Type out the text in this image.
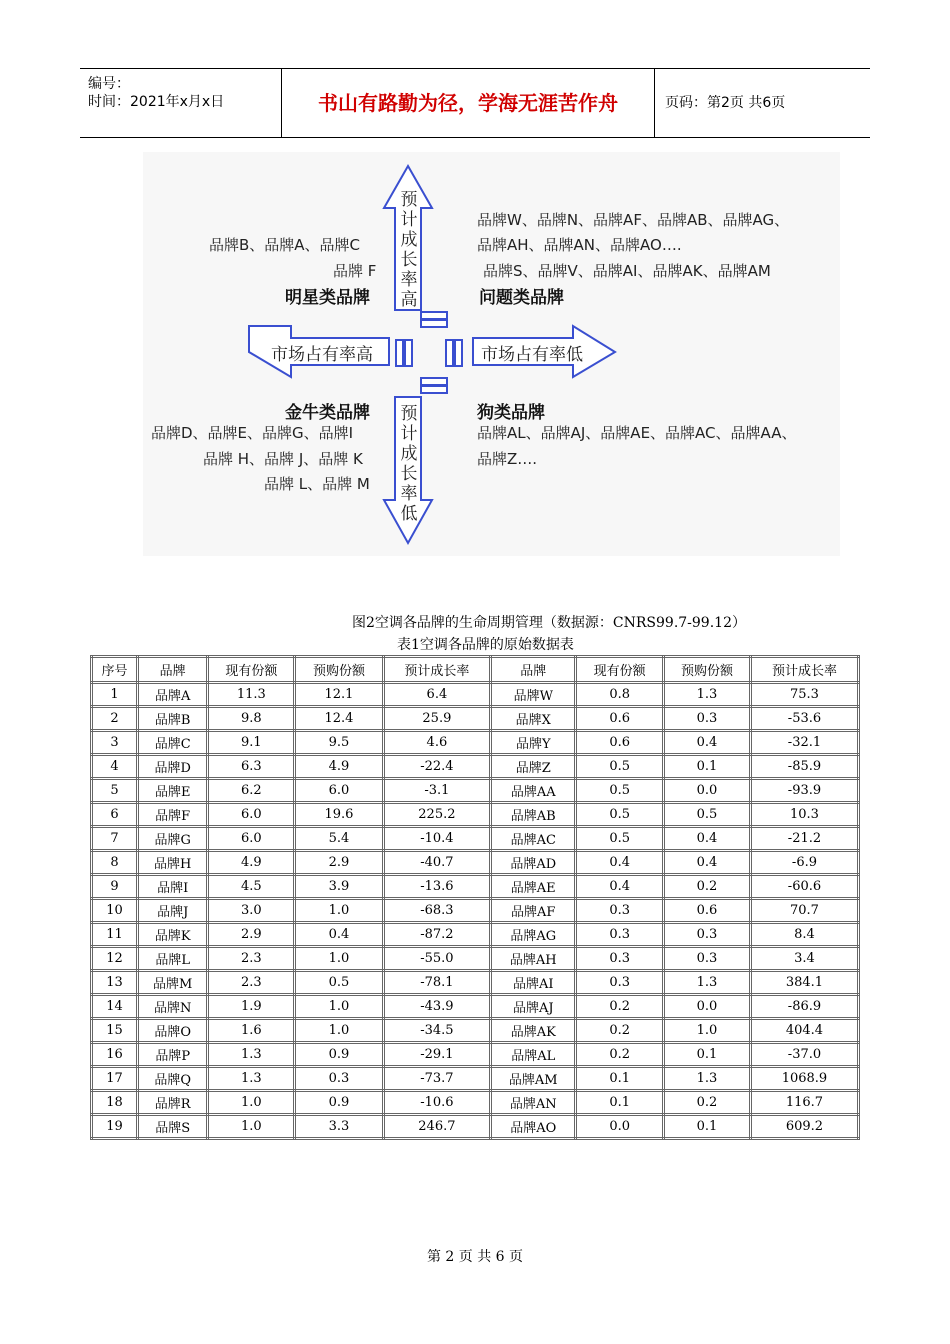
编号：
时间：2021年x月x日	书山有路勤为径，学海无涯苦作舟	页码：第2页 共6页
预计成长率高
预计成长率低
市场占有率高	市场占有率低
品牌B、品牌A、品牌C
品牌 F
明星类品牌
品牌W、品牌N、品牌AF、品牌AB、品牌AG、
品牌AH、品牌AN、品牌AO….
品牌S、品牌V、品牌AI、品牌AK、品牌AM
问题类品牌
金牛类品牌
品牌D、品牌E、品牌G、品牌I
品牌 H、品牌 J、品牌 K
品牌 L、品牌 M
狗类品牌
品牌AL、品牌AJ、品牌AE、品牌AC、品牌AA、
品牌Z….
图2空调各品牌的生命周期管理（数据源：CNRS99.7-99.12）
表1空调各品牌的原始数据表
序号	品牌	现有份额	预购份额	预计成长率	品牌	现有份额	预购份额	预计成长率
1	品牌A	11.3	12.1	6.4	品牌W	0.8	1.3	75.3
2	品牌B	9.8	12.4	25.9	品牌X	0.6	0.3	-53.6
3	品牌C	9.1	9.5	4.6	品牌Y	0.6	0.4	-32.1
4	品牌D	6.3	4.9	-22.4	品牌Z	0.5	0.1	-85.9
5	品牌E	6.2	6.0	-3.1	品牌AA	0.5	0.0	-93.9
6	品牌F	6.0	19.6	225.2	品牌AB	0.5	0.5	10.3
7	品牌G	6.0	5.4	-10.4	品牌AC	0.5	0.4	-21.2
8	品牌H	4.9	2.9	-40.7	品牌AD	0.4	0.4	-6.9
9	品牌I	4.5	3.9	-13.6	品牌AE	0.4	0.2	-60.6
10	品牌J	3.0	1.0	-68.3	品牌AF	0.3	0.6	70.7
11	品牌K	2.9	0.4	-87.2	品牌AG	0.3	0.3	8.4
12	品牌L	2.3	1.0	-55.0	品牌AH	0.3	0.3	3.4
13	品牌M	2.3	0.5	-78.1	品牌AI	0.3	1.3	384.1
14	品牌N	1.9	1.0	-43.9	品牌AJ	0.2	0.0	-86.9
15	品牌O	1.6	1.0	-34.5	品牌AK	0.2	1.0	404.4
16	品牌P	1.3	0.9	-29.1	品牌AL	0.2	0.1	-37.0
17	品牌Q	1.3	0.3	-73.7	品牌AM	0.1	1.3	1068.9
18	品牌R	1.0	0.9	-10.6	品牌AN	0.1	0.2	116.7
19	品牌S	1.0	3.3	246.7	品牌AO	0.0	0.1	609.2
第 2 页 共 6 页
